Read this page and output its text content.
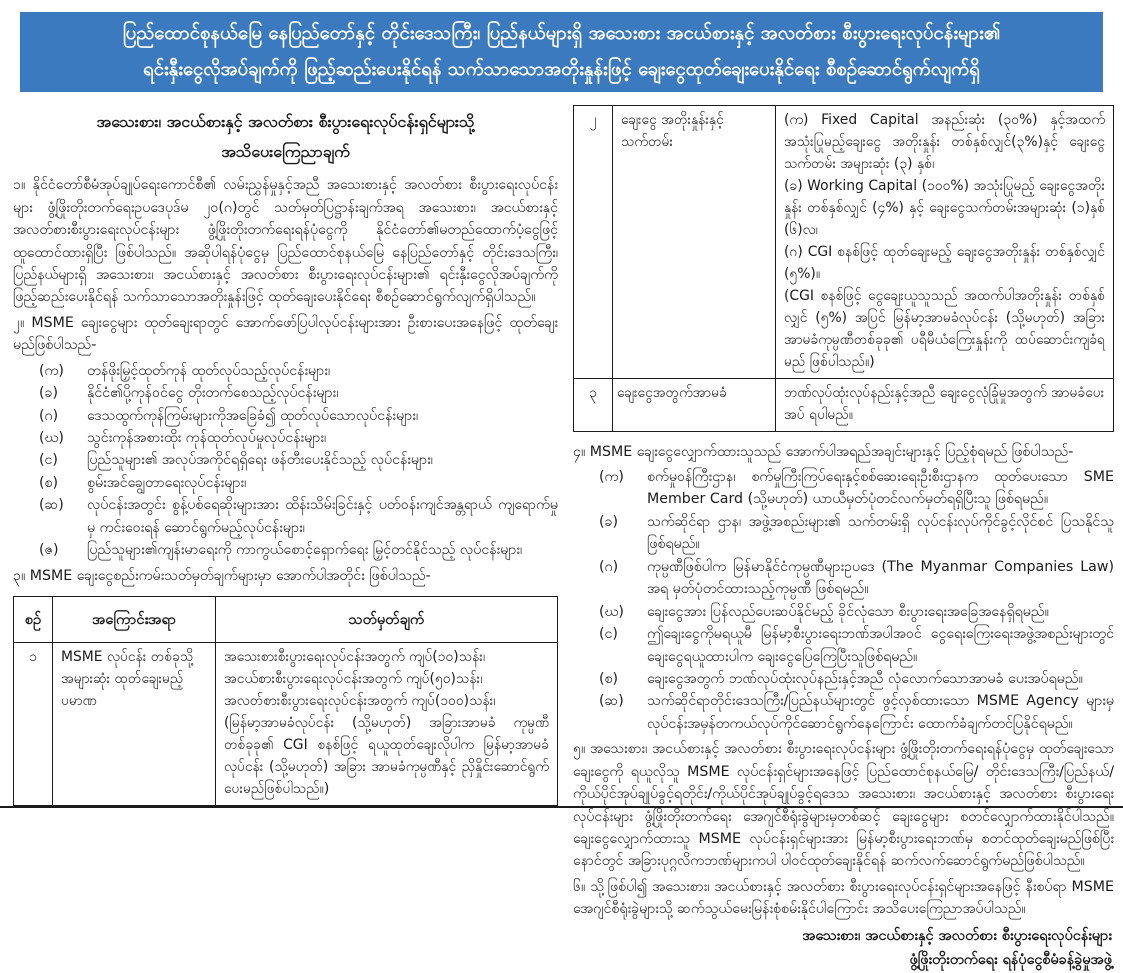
ပြည်ထောင်စုနယ်မြေ နေပြည်တော်နှင့် တိုင်းဒေသကြီး၊ ပြည်နယ်များရှိ အသေးစား အငယ်စားနှင့် အလတ်စား စီးပွားရေးလုပ်ငန်းများ၏
ရင်းနှီးငွေလိုအပ်ချက်ကို ဖြည့်ဆည်းပေးနိုင်ရန် သက်သာသောအတိုးနှုန်းဖြင့် ချေးငွေထုတ်ချေးပေးနိုင်ရေး စီစဉ်ဆောင်ရွက်လျက်ရှိ
အသေးစား၊ အငယ်စားနှင့် အလတ်စား စီးပွားရေးလုပ်ငန်းရှင်များသို့
အသိပေးကြေညာချက်

၁။ နိုင်ငံတော်စီမံအုပ်ချုပ်ရေးကောင်စီ၏ လမ်းညွှန်မှုနှင့်အညီ အသေးစားနှင့် အလတ်စား စီးပွားရေးလုပ်ငန်းများ ဖွံ့ဖြိုးတိုးတက်ရေးဥပဒေပုဒ်မ ၂၀(ဂ)တွင် သတ်မှတ်ပြဋ္ဌာန်းချက်အရ အသေးစား၊ အငယ်စားနှင့် အလတ်စားစီးပွားရေးလုပ်ငန်းများ ဖွံ့ဖြိုးတိုးတက်ရေးရန်ပုံငွေကို နိုင်ငံတော်၏မတည်ထောက်ပံ့ငွေဖြင့် ထူထောင်ထားရှိပြီး ဖြစ်ပါသည်။ အဆိုပါရန်ပုံငွေမှ ပြည်ထောင်စုနယ်မြေ နေပြည်တော်နှင့် တိုင်းဒေသကြီး၊ ပြည်နယ်များရှိ အသေးစား၊ အငယ်စားနှင့် အလတ်စား စီးပွားရေးလုပ်ငန်းများ၏ ရင်းနှီးငွေလိုအပ်ချက်ကို ဖြည့်ဆည်းပေးနိုင်ရန် သက်သာသောအတိုးနှုန်းဖြင့် ထုတ်ချေးပေးနိုင်ရေး စီစဉ်ဆောင်ရွက်လျက်ရှိပါသည်။

၂။ MSME ချေးငွေများ ထုတ်ချေးရာတွင် အောက်ဖော်ပြပါလုပ်ငန်းများအား ဦးစားပေးအနေဖြင့် ထုတ်ချေးမည်ဖြစ်ပါသည်-

(က)	တန်ဖိုးမြှင့်ထုတ်ကုန် ထုတ်လုပ်သည့်လုပ်ငန်းများ၊
(ခ)	နိုင်ငံ၏ပို့ကုန်ဝင်ငွေ တိုးတက်စေသည့်လုပ်ငန်းများ၊
(ဂ)	ဒေသထွက်ကုန်ကြမ်းများကိုအခြေခံ၍ ထုတ်လုပ်သောလုပ်ငန်းများ၊
(ဃ)	သွင်းကုန်အစားထိုး ကုန်ထုတ်လုပ်မှုလုပ်ငန်းများ၊
(င)	ပြည်သူများ၏ အလုပ်အကိုင်ရရှိရေး ဖန်တီးပေးနိုင်သည့် လုပ်ငန်းများ၊
(စ)	စွမ်းအင်ချွေတာရေးလုပ်ငန်းများ၊
(ဆ)	လုပ်ငန်းအတွင်း စွန့်ပစ်ရေဆိုးများအား ထိန်းသိမ်းခြင်းနှင့် ပတ်ဝန်းကျင်အန္တရာယ် ကျရောက်မှုမှ ကင်းဝေးရန် ဆောင်ရွက်မည့်လုပ်ငန်းများ၊
(ဇ)	ပြည်သူများ၏ကျန်းမာရေးကို ကာကွယ်စောင့်ရှောက်ရေး မြှင့်တင်နိုင်သည့် လုပ်ငန်းများ၊

၃။ MSME ချေးငွေစည်းကမ်းသတ်မှတ်ချက်များမှာ အောက်ပါအတိုင်း ဖြစ်ပါသည်-

စဉ်	အကြောင်းအရာ	သတ်မှတ်ချက်
၁	MSME လုပ်ငန်း တစ်ခုသို့ အများဆုံး ထုတ်ချေးမည့် ပမာဏ	အသေးစားစီးပွားရေးလုပ်ငန်းအတွက် ကျပ်(၁၀)သန်း၊
အငယ်စားစီးပွားရေးလုပ်ငန်းအတွက် ကျပ်(၅၀)သန်း၊
အလတ်စားစီးပွားရေးလုပ်ငန်းအတွက် ကျပ်(၁၀၀)သန်း၊
(မြန်မာ့အာမခံလုပ်ငန်း (သို့မဟုတ်) အခြားအာမခံ ကုမ္ပဏီတစ်ခုခု၏ CGI စနစ်ဖြင့် ရယူထုတ်ချေးလိုပါက မြန်မာ့အာမခံလုပ်ငန်း (သို့မဟုတ်) အခြား အာမခံကုမ္ပဏီနှင့် ညှိနှိုင်းဆောင်ရွက်ပေးမည်ဖြစ်ပါသည်။)
၂	ချေးငွေ အတိုးနှုန်းနှင့် သက်တမ်း	(က) Fixed Capital အနည်းဆုံး (၃၀%) နှင့်အထက် အသုံးပြုမည့်ချေးငွေ အတိုးနှုန်း တစ်နှစ်လျှင်(၃%)နှင့် ချေးငွေသက်တမ်း အများဆုံး (၃) နှစ်၊
(ခ) Working Capital (၁၀၀%) အသုံးပြုမည့် ချေးငွေအတိုးနှုန်း တစ်နှစ်လျှင် (၄%) နှင့် ချေးငွေသက်တမ်းအများဆုံး (၁)နှစ် (၆)လ၊
(ဂ) CGI စနစ်ဖြင့် ထုတ်ချေးမည့် ချေးငွေအတိုးနှုန်း တစ်နှစ်လျှင် (၅%)။
(CGI စနစ်ဖြင့် ငွေချေးယူသူသည် အထက်ပါအတိုးနှုန်း တစ်နှစ်လျှင် (၅%) အပြင် မြန်မာ့အာမခံလုပ်ငန်း (သို့မဟုတ်) အခြားအာမခံကုမ္ပဏီတစ်ခုခု၏ ပရီမီယံကြေးနှုန်းကို ထပ်ဆောင်းကျခံရမည် ဖြစ်ပါသည်။)

၃	ချေးငွေအတွက်အာမခံ	ဘဏ်လုပ်ထုံးလုပ်နည်းနှင့်အညီ ချေးငွေလုံခြုံမှုအတွက် အာမခံပေးအပ် ရပါမည်။

၄။ MSME ချေးငွေလျှောက်ထားသူသည် အောက်ပါအရည်အချင်းများနှင့် ပြည့်စုံရမည် ဖြစ်ပါသည်-

(က)	စက်မှုဝန်ကြီးဌာန၊ စက်မှုကြီးကြပ်ရေးနှင့်စစ်ဆေးရေးဦးစီးဌာနက ထုတ်ပေးသော SME Member Card (သို့မဟုတ်) ယာယီမှတ်ပုံတင်လက်မှတ်ရရှိပြီးသူ ဖြစ်ရမည်။
(ခ)	သက်ဆိုင်ရာ ဌာန၊ အဖွဲ့အစည်းများ၏ သက်တမ်းရှိ လုပ်ငန်းလုပ်ကိုင်ခွင့်လိုင်စင် ပြသနိုင်သူဖြစ်ရမည်။
(ဂ)	ကုမ္ပဏီဖြစ်ပါက မြန်မာနိုင်ငံကုမ္ပဏီများဥပဒေ (The Myanmar Companies Law) အရ မှတ်ပုံတင်ထားသည့်ကုမ္ပဏီ ဖြစ်ရမည်။
(ဃ)	ချေးငွေအား ပြန်လည်ပေးဆပ်နိုင်မည့် ခိုင်လုံသော စီးပွားရေးအခြေအနေရှိရမည်။
(င)	ဤချေးငွေကိုမရယူမီ မြန်မာ့စီးပွားရေးဘဏ်အပါအဝင် ငွေရေးကြေးရေးအဖွဲ့အစည်းများတွင် ချေးငွေရယူထားပါက ချေးငွေပြေကြေပြီးသူဖြစ်ရမည်။
(စ)	ချေးငွေအတွက် ဘဏ်လုပ်ထုံးလုပ်နည်းနှင့်အညီ လုံလောက်သောအာမခံ ပေးအပ်ရမည်။
(ဆ)	သက်ဆိုင်ရာတိုင်းဒေသကြီး/ပြည်နယ်များတွင် ဖွင့်လှစ်ထားသော MSME Agency များမှ လုပ်ငန်းအမှန်တကယ်လုပ်ကိုင်ဆောင်ရွက်နေကြောင်း ထောက်ခံချက်တင်ပြနိုင်ရမည်။

၅။ အသေးစား၊ အငယ်စားနှင့် အလတ်စား စီးပွားရေးလုပ်ငန်းများ ဖွံ့ဖြိုးတိုးတက်ရေးရန်ပုံငွေမှ ထုတ်ချေးသောချေးငွေကို ရယူလိုသူ MSME လုပ်ငန်းရှင်များအနေဖြင့် ပြည်ထောင်စုနယ်မြေ/ တိုင်းဒေသကြီး/ပြည်နယ်/ကိုယ်ပိုင်အုပ်ချုပ်ခွင့်ရတိုင်း/ကိုယ်ပိုင်အုပ်ချုပ်ခွင့်ရဒေသ အသေးစား၊ အငယ်စားနှင့် အလတ်စား စီးပွားရေးလုပ်ငန်းများ ဖွံ့ဖြိုးတိုးတက်ရေး အေဂျင်စီရုံးခွဲများမှတစ်ဆင့် ချေးငွေများ စတင်လျှောက်ထားနိုင်ပါသည်။ ချေးငွေလျှောက်ထားသူ MSME လုပ်ငန်းရှင်များအား မြန်မာ့စီးပွားရေးဘဏ်မှ စတင်ထုတ်ချေးမည်ဖြစ်ပြီး နောင်တွင် အခြားပုဂ္ဂလိကဘဏ်များကပါ ပါဝင်ထုတ်ချေးနိုင်ရန် ဆက်လက်ဆောင်ရွက်မည်ဖြစ်ပါသည်။

၆။ သို့ဖြစ်ပါ၍ အသေးစား၊ အငယ်စားနှင့် အလတ်စား စီးပွားရေးလုပ်ငန်းရှင်များအနေဖြင့် နီးစပ်ရာ MSME အေဂျင်စီရုံးခွဲများသို့ ဆက်သွယ်မေးမြန်းစုံစမ်းနိုင်ပါကြောင်း အသိပေးကြေညာအပ်ပါသည်။

အသေးစား၊ အငယ်စားနှင့် အလတ်စား စီးပွားရေးလုပ်ငန်းများ
ဖွံ့ဖြိုးတိုးတက်ရေး ရန်ပုံငွေစီမံခန့်ခွဲမှုအဖွဲ့
